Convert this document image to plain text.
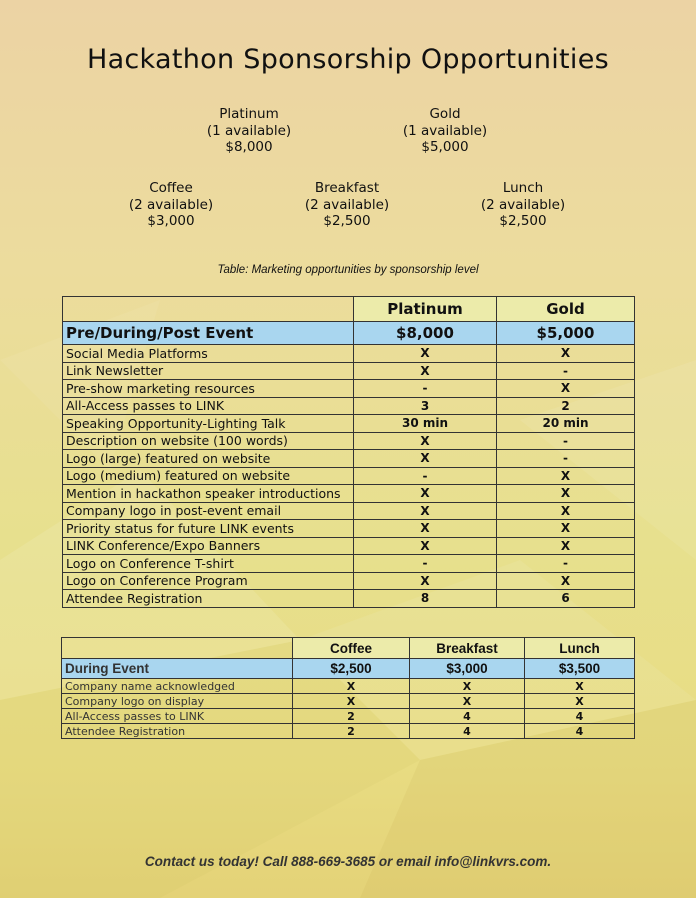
Hackathon Sponsorship Opportunities
Platinum
(1 available)
$8,000
Gold
(1 available)
$5,000
Coffee
(2 available)
$3,000
Breakfast
(2 available)
$2,500
Lunch
(2 available)
$2,500
Table: Marketing opportunities by sponsorship level
	Platinum	Gold
Pre/During/Post Event	$8,000	$5,000
Social Media Platforms	X	X
Link Newsletter	X	-
Pre-show marketing resources	-	X
All-Access passes to LINK	3	2
Speaking Opportunity-Lighting Talk	30 min	20 min
Description on website (100 words)	X	-
Logo (large) featured on website	X	-
Logo (medium) featured on website	-	X
Mention in hackathon speaker introductions	X	X
Company logo in post-event email	X	X
Priority status for future LINK events	X	X
LINK Conference/Expo Banners	X	X
Logo on Conference T-shirt	-	-
Logo on Conference Program	X	X
Attendee Registration	8	6
	Coffee	Breakfast	Lunch
During Event	$2,500	$3,000	$3,500
Company name acknowledged	X	X	X
Company logo on display	X	X	X
All-Access passes to LINK	2	4	4
Attendee Registration	2	4	4
Contact us today! Call 888-669-3685 or email info@linkvrs.com.
